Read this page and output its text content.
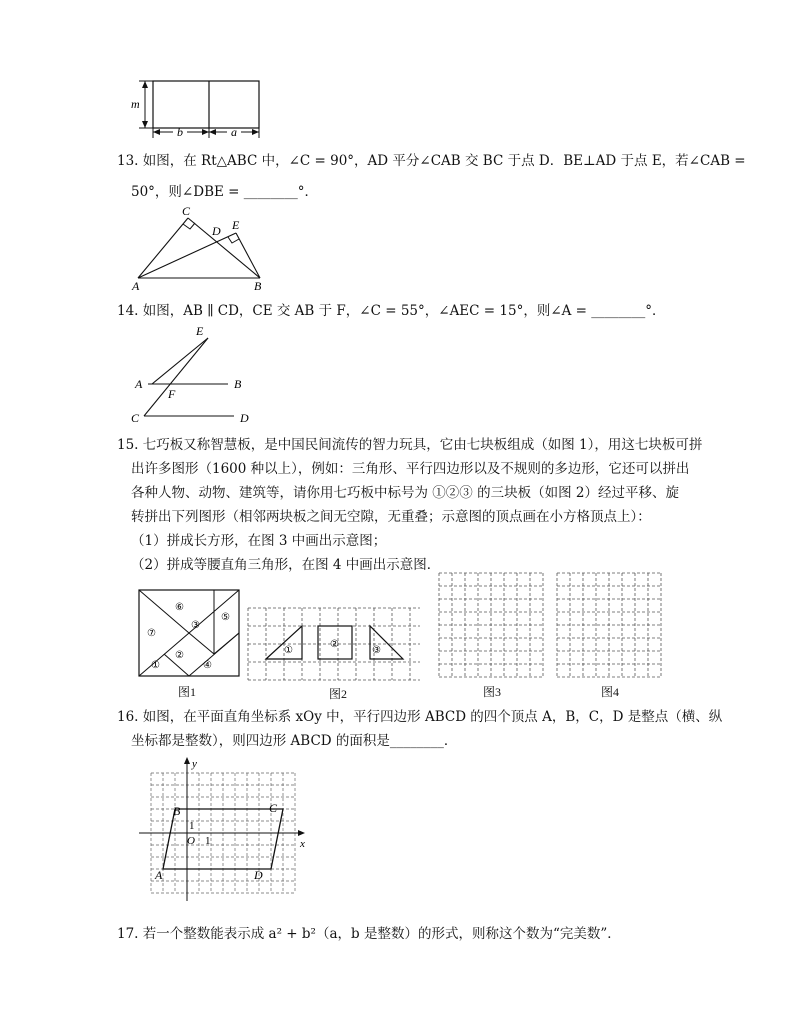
m
b	a
13. 如图，在 Rt△ABC 中，∠C = 90°，AD 平分∠CAB 交 BC 于点 D．BE⊥AD 于点 E，若∠CAB =
50°，则∠DBE = ________°．
C
D E
A	B
14. 如图，AB ∥ CD，CE 交 AB 于 F，∠C = 55°，∠AEC = 15°，则∠A = ________°．
E
A	B
F
C	D
15. 七巧板又称智慧板，是中国民间流传的智力玩具，它由七块板组成（如图 1），用这七块板可拼
出许多图形（1600 种以上），例如：三角形、平行四边形以及不规则的多边形，它还可以拼出
各种人物、动物、建筑等，请你用七巧板中标号为 ①②③ 的三块板（如图 2）经过平移、旋
转拼出下列图形（相邻两块板之间无空隙，无重叠；示意图的顶点画在小方格顶点上）：
（1）拼成长方形，在图 3 中画出示意图；
（2）拼成等腰直角三角形，在图 4 中画出示意图．
⑥
⑦
⑤
③
②
④
①
图1
①
②
③
图2	图3	图4
16. 如图，在平面直角坐标系 xOy 中，平行四边形 ABCD 的四个顶点 A，B，C，D 是整点（横、纵
坐标都是整数），则四边形 ABCD 的面积是________．
y
x
O 1
1
A
B	C
D
17. 若一个整数能表示成 a² + b²（a，b 是整数）的形式，则称这个数为“完美数”．
